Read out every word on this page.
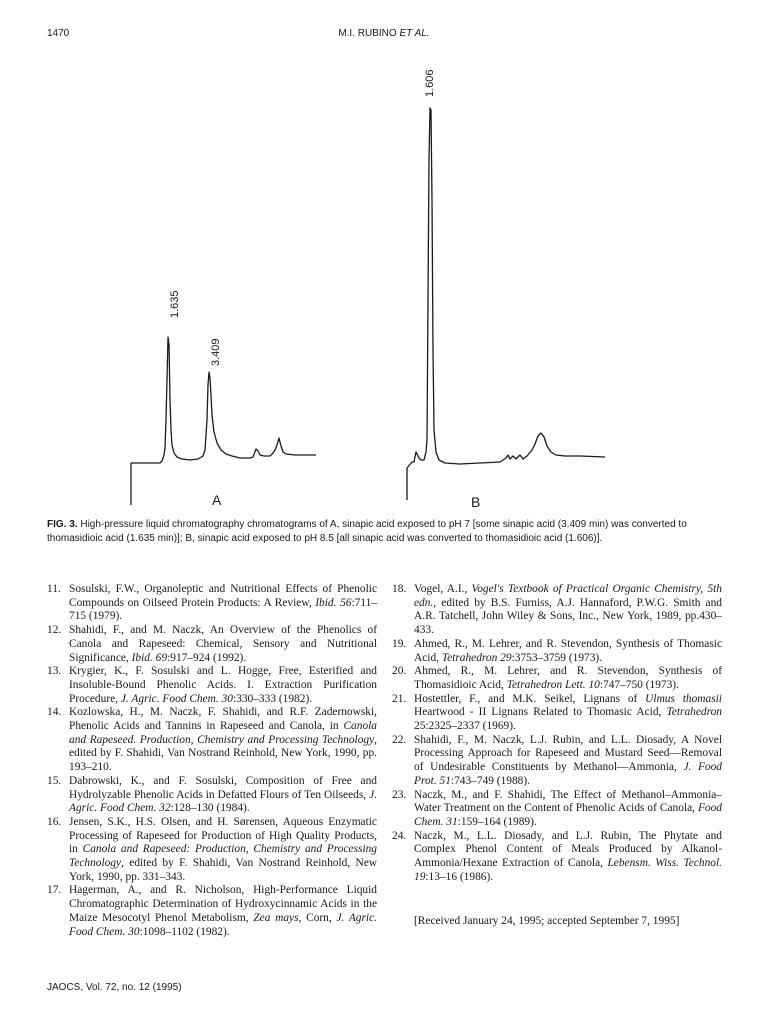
1470	M.I. RUBINO ET AL.
1.635
3.409
1.606
A	B
FIG. 3. High-pressure liquid chromatography chromatograms of A, sinapic acid exposed to pH 7 [some sinapic acid (3.409 min) was converted to thomasidioic acid (1.635 min)]; B, sinapic acid exposed to pH 8.5 [all sinapic acid was converted to thomasidioic acid (1.606)].
11. Sosulski, F.W., Organoleptic and Nutritional Effects of Phenolic Compounds on Oilseed Protein Products: A Review, Ibid. 56:711–715 (1979).
12. Shahidi, F., and M. Naczk, An Overview of the Phenolics of Canola and Rapeseed: Chemical, Sensory and Nutritional Significance, Ibid. 69:917–924 (1992).
13. Krygier, K., F. Sosulski and L. Hogge, Free, Esterified and Insoluble-Bound Phenolic Acids. I. Extraction Purification Procedure, J. Agric. Food Chem. 30:330–333 (1982).
14. Kozlowska, H., M. Naczk, F. Shahidi, and R.F. Zadernowski, Phenolic Acids and Tannins in Rapeseed and Canola, in Canola and Rapeseed. Production, Chemistry and Processing Technology, edited by F. Shahidi, Van Nostrand Reinhold, New York, 1990, pp. 193–210.
15. Dabrowski, K., and F. Sosulski, Composition of Free and Hydrolyzable Phenolic Acids in Defatted Flours of Ten Oilseeds, J. Agric. Food Chem. 32:128–130 (1984).
16. Jensen, S.K., H.S. Olsen, and H. Sørensen, Aqueous Enzymatic Processing of Rapeseed for Production of High Quality Products, in Canola and Rapeseed: Production, Chemistry and Processing Technology, edited by F. Shahidi, Van Nostrand Reinhold, New York, 1990, pp. 331–343.
17. Hagerman, A., and R. Nicholson, High-Performance Liquid Chromatographic Determination of Hydroxycinnamic Acids in the Maize Mesocotyl Phenol Metabolism, Zea mays, Corn, J. Agric. Food Chem. 30:1098–1102 (1982).
18. Vogel, A.I., Vogel's Textbook of Practical Organic Chemistry, 5th edn., edited by B.S. Furniss, A.J. Hannaford, P.W.G. Smith and A.R. Tatchell, John Wiley & Sons, Inc., New York, 1989, pp.430–433.
19. Ahmed, R., M. Lehrer, and R. Stevendon, Synthesis of Thomasic Acid, Tetrahedron 29:3753–3759 (1973).
20. Ahmed, R., M. Lehrer, and R. Stevendon, Synthesis of Thomasidioic Acid, Tetrahedron Lett. 10:747–750 (1973).
21. Hostettler, F., and M.K. Seikel, Lignans of Ulmus thomasii Heartwood - II Lignans Related to Thomasic Acid, Tetrahedron 25:2325–2337 (1969).
22. Shahidi, F., M. Naczk, L.J. Rubin, and L.L. Diosady, A Novel Processing Approach for Rapeseed and Mustard Seed—Removal of Undesirable Constituents by Methanol—Ammonia, J. Food Prot. 51:743–749 (1988).
23. Naczk, M., and F. Shahidi, The Effect of Methanol–Ammonia–Water Treatment on the Content of Phenolic Acids of Canola, Food Chem. 31:159–164 (1989).
24. Naczk, M., L.L. Diosady, and L.J. Rubin, The Phytate and Complex Phenol Content of Meals Produced by Alkanol-Ammonia/Hexane Extraction of Canola, Lebensm. Wiss. Technol. 19:13–16 (1986).
[Received January 24, 1995; accepted September 7, 1995]
JAOCS, Vol. 72, no. 12 (1995)
